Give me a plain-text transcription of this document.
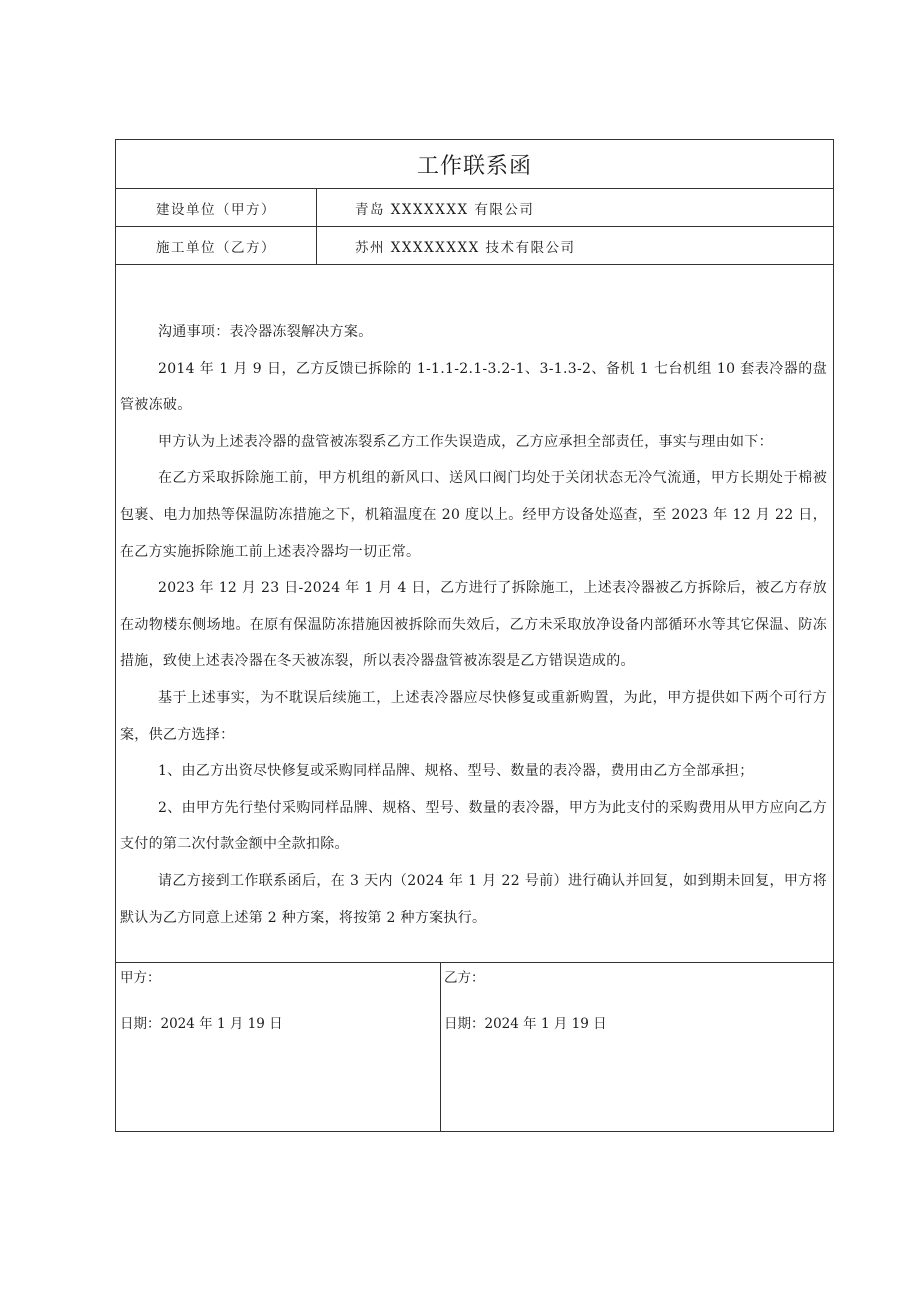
工作联系函
建设单位（甲方）	青岛 XXXXXXX 有限公司
施工单位（乙方）	苏州 XXXXXXXX 技术有限公司

沟通事项：表冷器冻裂解决方案。

2014 年 1 月 9 日，乙方反馈已拆除的 1-1.1-2.1-3.2-1、3-1.3-2、备机 1 七台机组 10 套表冷器的盘管被冻破。

甲方认为上述表冷器的盘管被冻裂系乙方工作失误造成，乙方应承担全部责任，事实与理由如下：

在乙方采取拆除施工前，甲方机组的新风口、送风口阀门均处于关闭状态无冷气流通，甲方长期处于棉被包裹、电力加热等保温防冻措施之下，机箱温度在 20 度以上。经甲方设备处巡查，至 2023 年 12 月 22 日，在乙方实施拆除施工前上述表冷器均一切正常。

2023 年 12 月 23 日-2024 年 1 月 4 日，乙方进行了拆除施工，上述表冷器被乙方拆除后，被乙方存放在动物楼东侧场地。在原有保温防冻措施因被拆除而失效后，乙方未采取放净设备内部循环水等其它保温、防冻措施，致使上述表冷器在冬天被冻裂，所以表冷器盘管被冻裂是乙方错误造成的。

基于上述事实，为不耽误后续施工，上述表冷器应尽快修复或重新购置，为此，甲方提供如下两个可行方案，供乙方选择：

1、由乙方出资尽快修复或采购同样品牌、规格、型号、数量的表冷器，费用由乙方全部承担；

2、由甲方先行垫付采购同样品牌、规格、型号、数量的表冷器，甲方为此支付的采购费用从甲方应向乙方支付的第二次付款金额中全款扣除。

请乙方接到工作联系函后，在 3 天内（2024 年 1 月 22 号前）进行确认并回复，如到期未回复，甲方将默认为乙方同意上述第 2 种方案，将按第 2 种方案执行。

甲方：
日期：2024 年 1 月 19 日
乙方：
日期：2024 年 1 月 19 日
